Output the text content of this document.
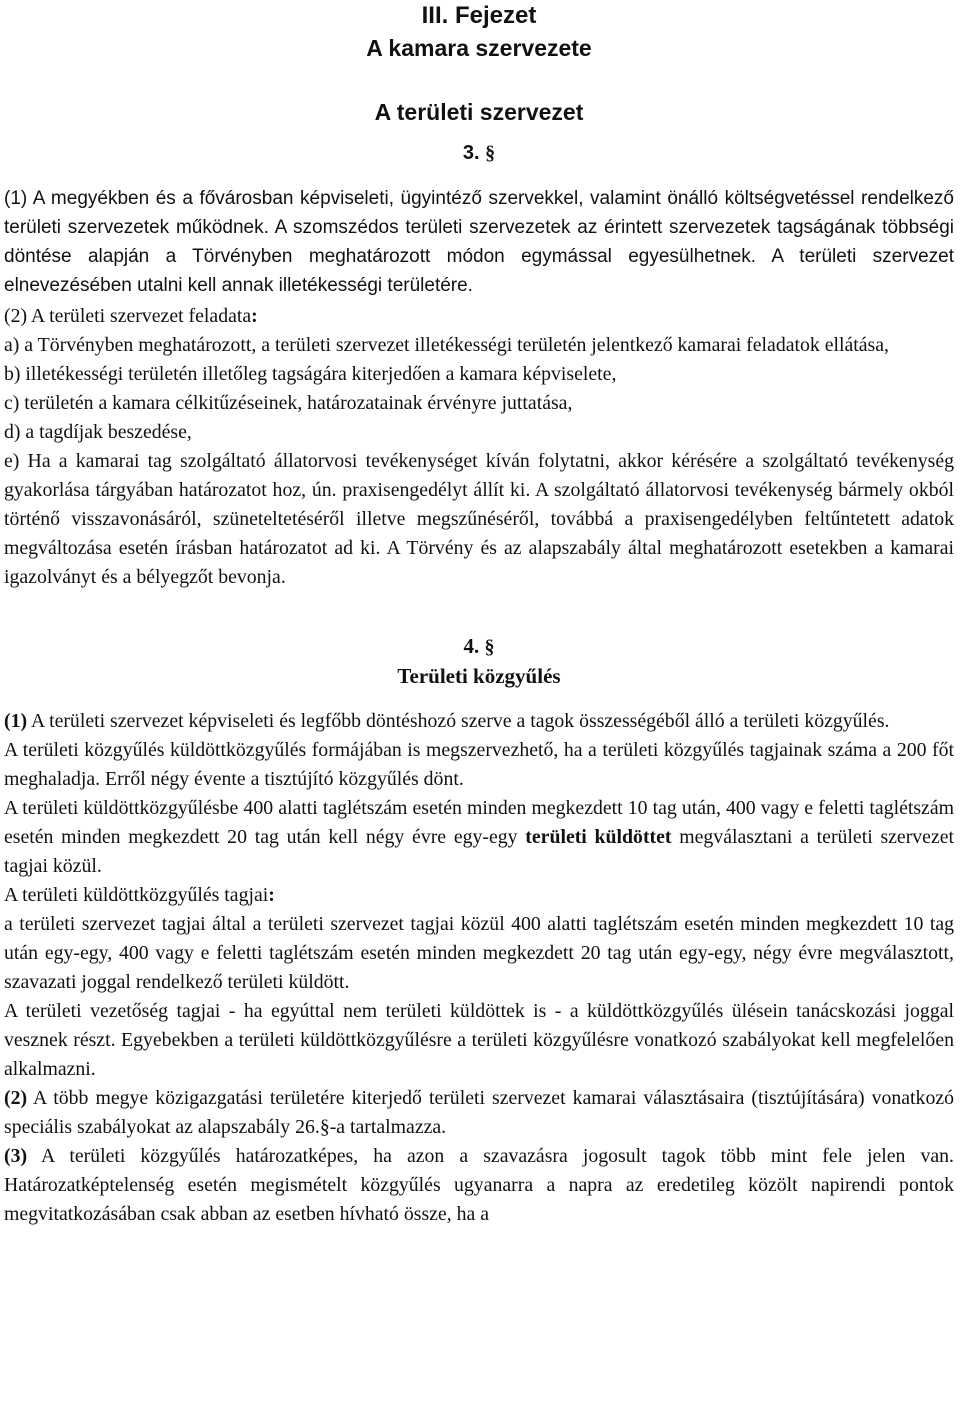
III. Fejezet
A kamara szervezete
A területi szervezet
3. §

(1) A megyékben és a fővárosban képviseleti, ügyintéző szervekkel, valamint önálló költségvetéssel rendelkező területi szervezetek működnek. A szomszédos területi szervezetek az érintett szervezetek tagságának többségi döntése alapján a Törvényben meghatározott módon egymással egyesülhetnek. A területi szervezet elnevezésében utalni kell annak illetékességi területére.

(2) A területi szervezet feladata:

a) a Törvényben meghatározott, a területi szervezet illetékességi területén jelentkező kamarai feladatok ellátása,

b) illetékességi területén illetőleg tagságára kiterjedően a kamara képviselete,

c) területén a kamara célkitűzéseinek, határozatainak érvényre juttatása,

d) a tagdíjak beszedése,

e) Ha a kamarai tag szolgáltató állatorvosi tevékenységet kíván folytatni, akkor kérésére a szolgáltató tevékenység gyakorlása tárgyában határozatot hoz, ún. praxisengedélyt állít ki. A szolgáltató állatorvosi tevékenység bármely okból történő visszavonásáról, szüneteltetéséről illetve megszűnéséről, továbbá a praxisengedélyben feltűntetett adatok megváltozása esetén írásban határozatot ad ki. A Törvény és az alapszabály által meghatározott esetekben a kamarai igazolványt és a bélyegzőt bevonja.

4. §
Területi közgyűlés

(1) A területi szervezet képviseleti és legfőbb döntéshozó szerve a tagok összességéből álló a területi közgyűlés.

A területi közgyűlés küldöttközgyűlés formájában is megszervezhető, ha a területi közgyűlés tagjainak száma a 200 főt meghaladja. Erről négy évente a tisztújító közgyűlés dönt.

A területi küldöttközgyűlésbe 400 alatti taglétszám esetén minden megkezdett 10 tag után, 400 vagy e feletti taglétszám esetén minden megkezdett 20 tag után kell négy évre egy-egy területi küldöttet megválasztani a területi szervezet tagjai közül.

A területi küldöttközgyűlés tagjai:

a területi szervezet tagjai által a területi szervezet tagjai közül 400 alatti taglétszám esetén minden megkezdett 10 tag után egy-egy, 400 vagy e feletti taglétszám esetén minden megkezdett 20 tag után egy-egy, négy évre megválasztott, szavazati joggal rendelkező területi küldött.

A területi vezetőség tagjai - ha egyúttal nem területi küldöttek is - a küldöttközgyűlés ülésein tanácskozási joggal vesznek részt. Egyebekben a területi küldöttközgyűlésre a területi közgyűlésre vonatkozó szabályokat kell megfelelően alkalmazni.

(2) A több megye közigazgatási területére kiterjedő területi szervezet kamarai választásaira (tisztújítására) vonatkozó speciális szabályokat az alapszabály 26.§-a tartalmazza.

(3) A területi közgyűlés határozatképes, ha azon a szavazásra jogosult tagok több mint fele jelen van. Határozatképtelenség esetén megismételt közgyűlés ugyanarra a napra az eredetileg közölt napirendi pontok megvitatkozásában csak abban az esetben hívható össze, ha a
